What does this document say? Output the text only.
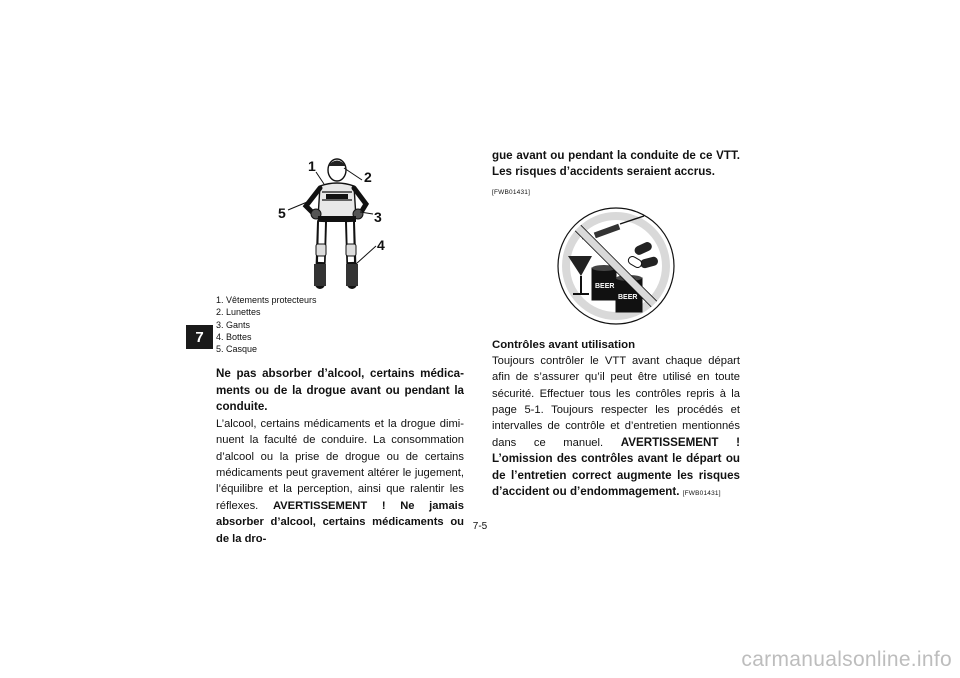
7
1
2
3
4
5
1. Vêtements protecteurs
2. Lunettes
3. Gants
4. Bottes
5. Casque

Ne pas absorber d’alcool, certains médicaments ou de la drogue avant ou pendant la conduite.

L’alcool, certains médicaments et la drogue diminuent la faculté de conduire. La consommation d’alcool ou la prise de drogue ou de certains médicaments peut gravement altérer le jugement, l’équilibre et la perception, ainsi que ralentir les réflexes. AVERTISSEMENT ! Ne jamais absorber d’alcool, certains médicaments ou de la dro-

gue avant ou pendant la conduite de ce VTT. Les risques d’accidents seraient accrus.

[FWB01431]

BEER
BEER

Contrôles avant utilisation

Toujours contrôler le VTT avant chaque départ afin de s’assurer qu’il peut être utilisé en toute sécurité. Effectuer tous les contrôles repris à la page 5-1. Toujours respecter les procédés et intervalles de contrôle et d’entretien mentionnés dans ce manuel. AVERTISSEMENT ! L’omission des contrôles avant le départ ou de l’entretien correct augmente les risques d’accident ou d’endommagement. [FWB01431]

7-5
carmanualsonline.info
